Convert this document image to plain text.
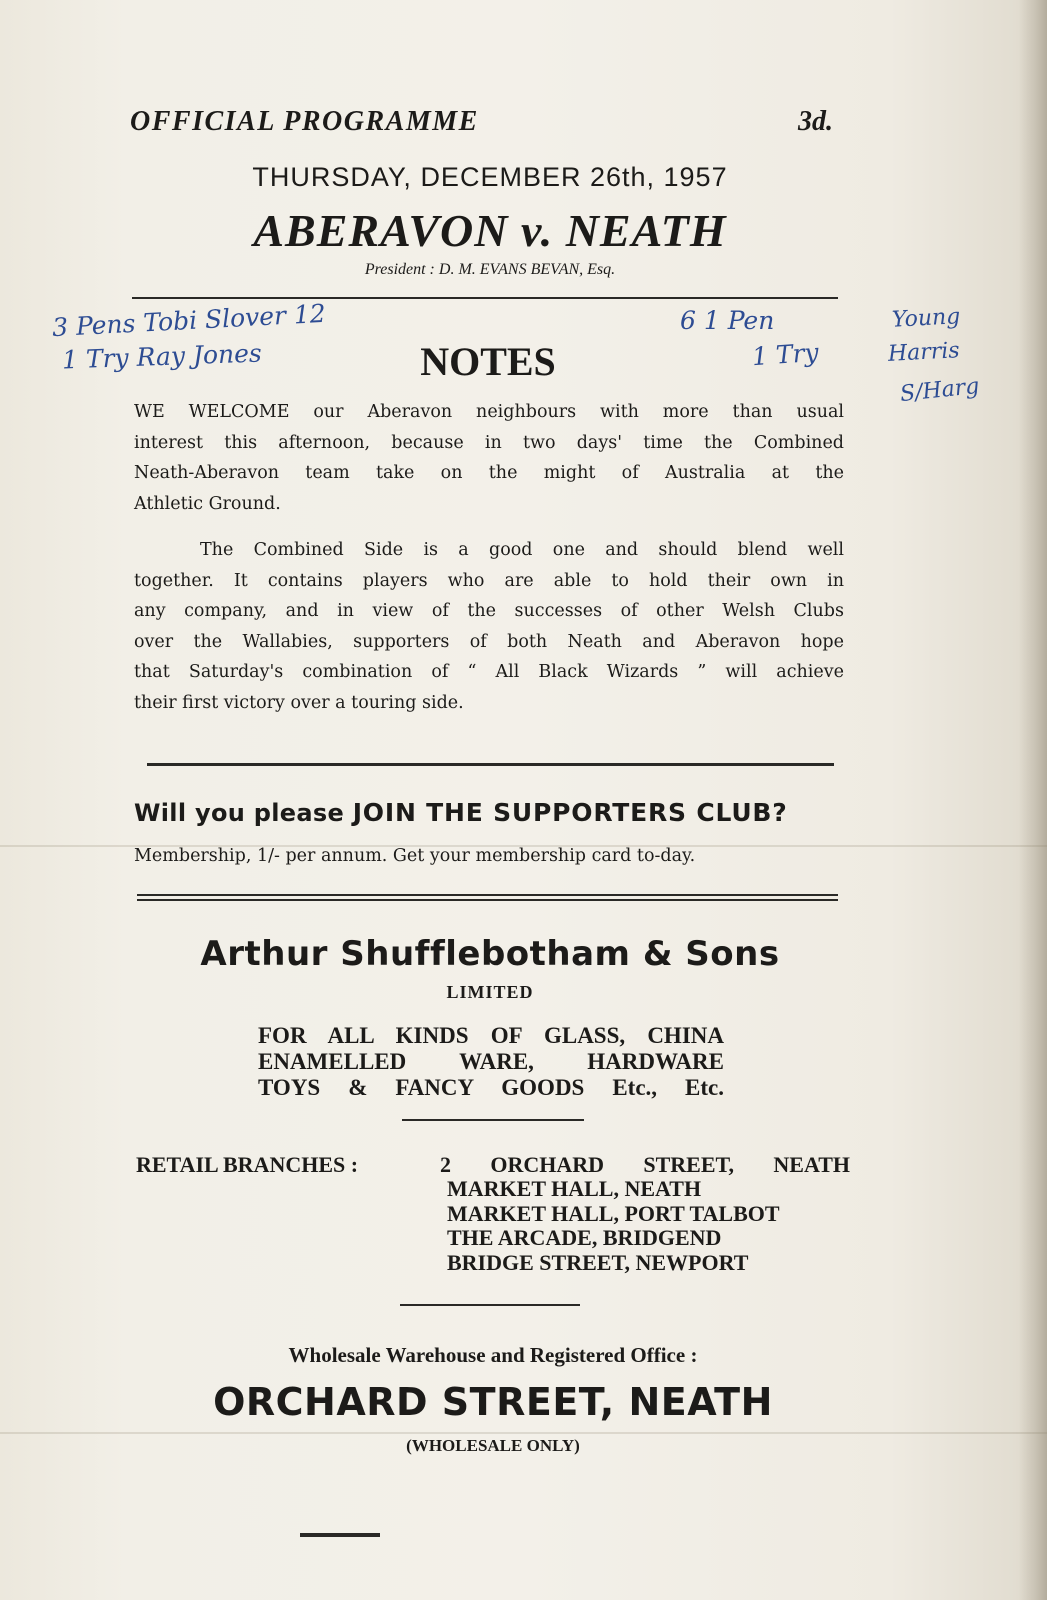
OFFICIAL PROGRAMME	3d.
THURSDAY, DECEMBER 26th, 1957
ABERAVON v. NEATH
President : D. M. EVANS BEVAN, Esq.
3 Pens Tobi Slover 12
1 Try Ray Jones
6 1 Pen
1 Try
Young
Harris
S/Harg
NOTES

WE WELCOME our Aberavon neighbours with more than usual

interest this afternoon, because in two days' time the Combined

Neath-Aberavon team take on the might of Australia at the

Athletic Ground.

The Combined Side is a good one and should blend well

together. It contains players who are able to hold their own in

any company, and in view of the successes of other Welsh Clubs

over the Wallabies, supporters of both Neath and Aberavon hope

that Saturday's combination of “ All Black Wizards ” will achieve

their first victory over a touring side.

Will you please JOIN THE SUPPORTERS CLUB?
Membership, 1/- per annum. Get your membership card to-day.
Arthur Shufflebotham & Sons
LIMITED
FOR ALL KINDS OF GLASS, CHINA
ENAMELLED WARE, HARDWARE
TOYS & FANCY GOODS Etc., Etc.
RETAIL BRANCHES :	2 ORCHARD STREET, NEATH
MARKET HALL, NEATH
MARKET HALL, PORT TALBOT
THE ARCADE, BRIDGEND
BRIDGE STREET, NEWPORT
Wholesale Warehouse and Registered Office :
ORCHARD STREET, NEATH
(WHOLESALE ONLY)
